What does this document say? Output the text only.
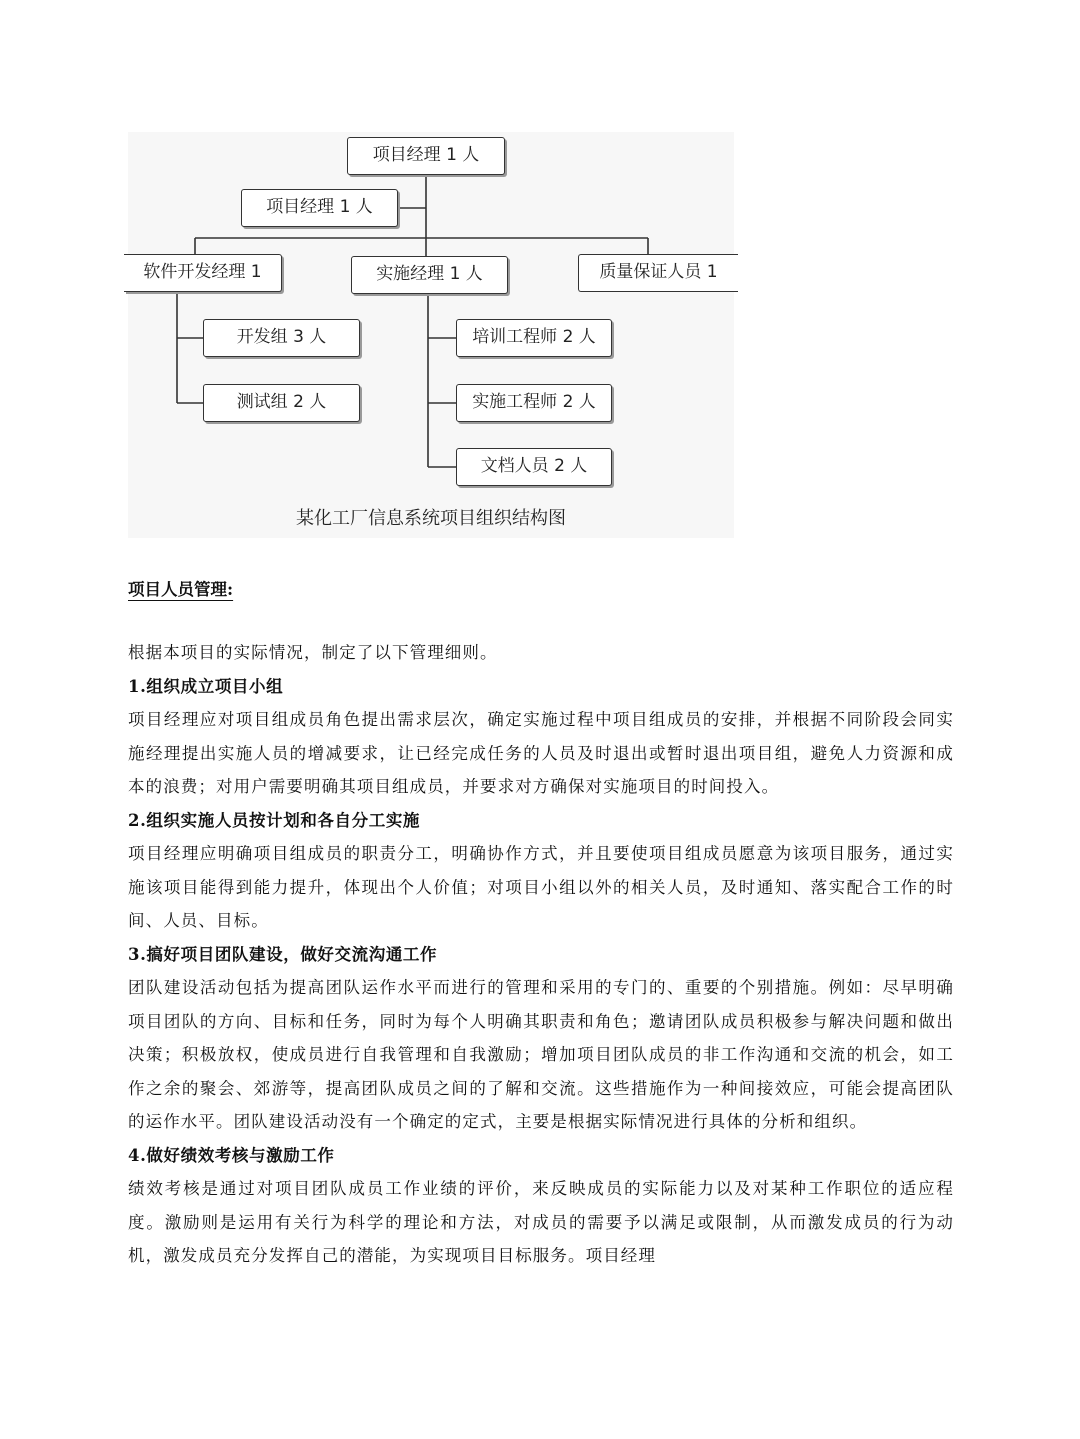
项目经理 1 人
项目经理 1 人
软件开发经理 1	实施经理 1 人	质量保证人员 1
开发组 3 人
测试组 2 人
培训工程师 2 人
实施工程师 2 人
文档人员 2 人
某化工厂信息系统项目组织结构图
项目人员管理:

根据本项目的实际情况，制定了以下管理细则。

1.组织成立项目小组

项目经理应对项目组成员角色提出需求层次，确定实施过程中项目组成员的安排，并根据不同阶段会同实施经理提出实施人员的增减要求，让已经完成任务的人员及时退出或暂时退出项目组，避免人力资源和成本的浪费；对用户需要明确其项目组成员，并要求对方确保对实施项目的时间投入。

2.组织实施人员按计划和各自分工实施

项目经理应明确项目组成员的职责分工，明确协作方式，并且要使项目组成员愿意为该项目服务，通过实施该项目能得到能力提升，体现出个人价值；对项目小组以外的相关人员，及时通知、落实配合工作的时间、人员、目标。

3.搞好项目团队建设，做好交流沟通工作

团队建设活动包括为提高团队运作水平而进行的管理和采用的专门的、重要的个别措施。例如：尽早明确项目团队的方向、目标和任务，同时为每个人明确其职责和角色；邀请团队成员积极参与解决问题和做出决策；积极放权，使成员进行自我管理和自我激励；增加项目团队成员的非工作沟通和交流的机会，如工作之余的聚会、郊游等，提高团队成员之间的了解和交流。这些措施作为一种间接效应，可能会提高团队的运作水平。团队建设活动没有一个确定的定式，主要是根据实际情况进行具体的分析和组织。

4.做好绩效考核与激励工作

绩效考核是通过对项目团队成员工作业绩的评价，来反映成员的实际能力以及对某种工作职位的适应程度。激励则是运用有关行为科学的理论和方法，对成员的需要予以满足或限制，从而激发成员的行为动机，激发成员充分发挥自己的潜能，为实现项目目标服务。项目经理
